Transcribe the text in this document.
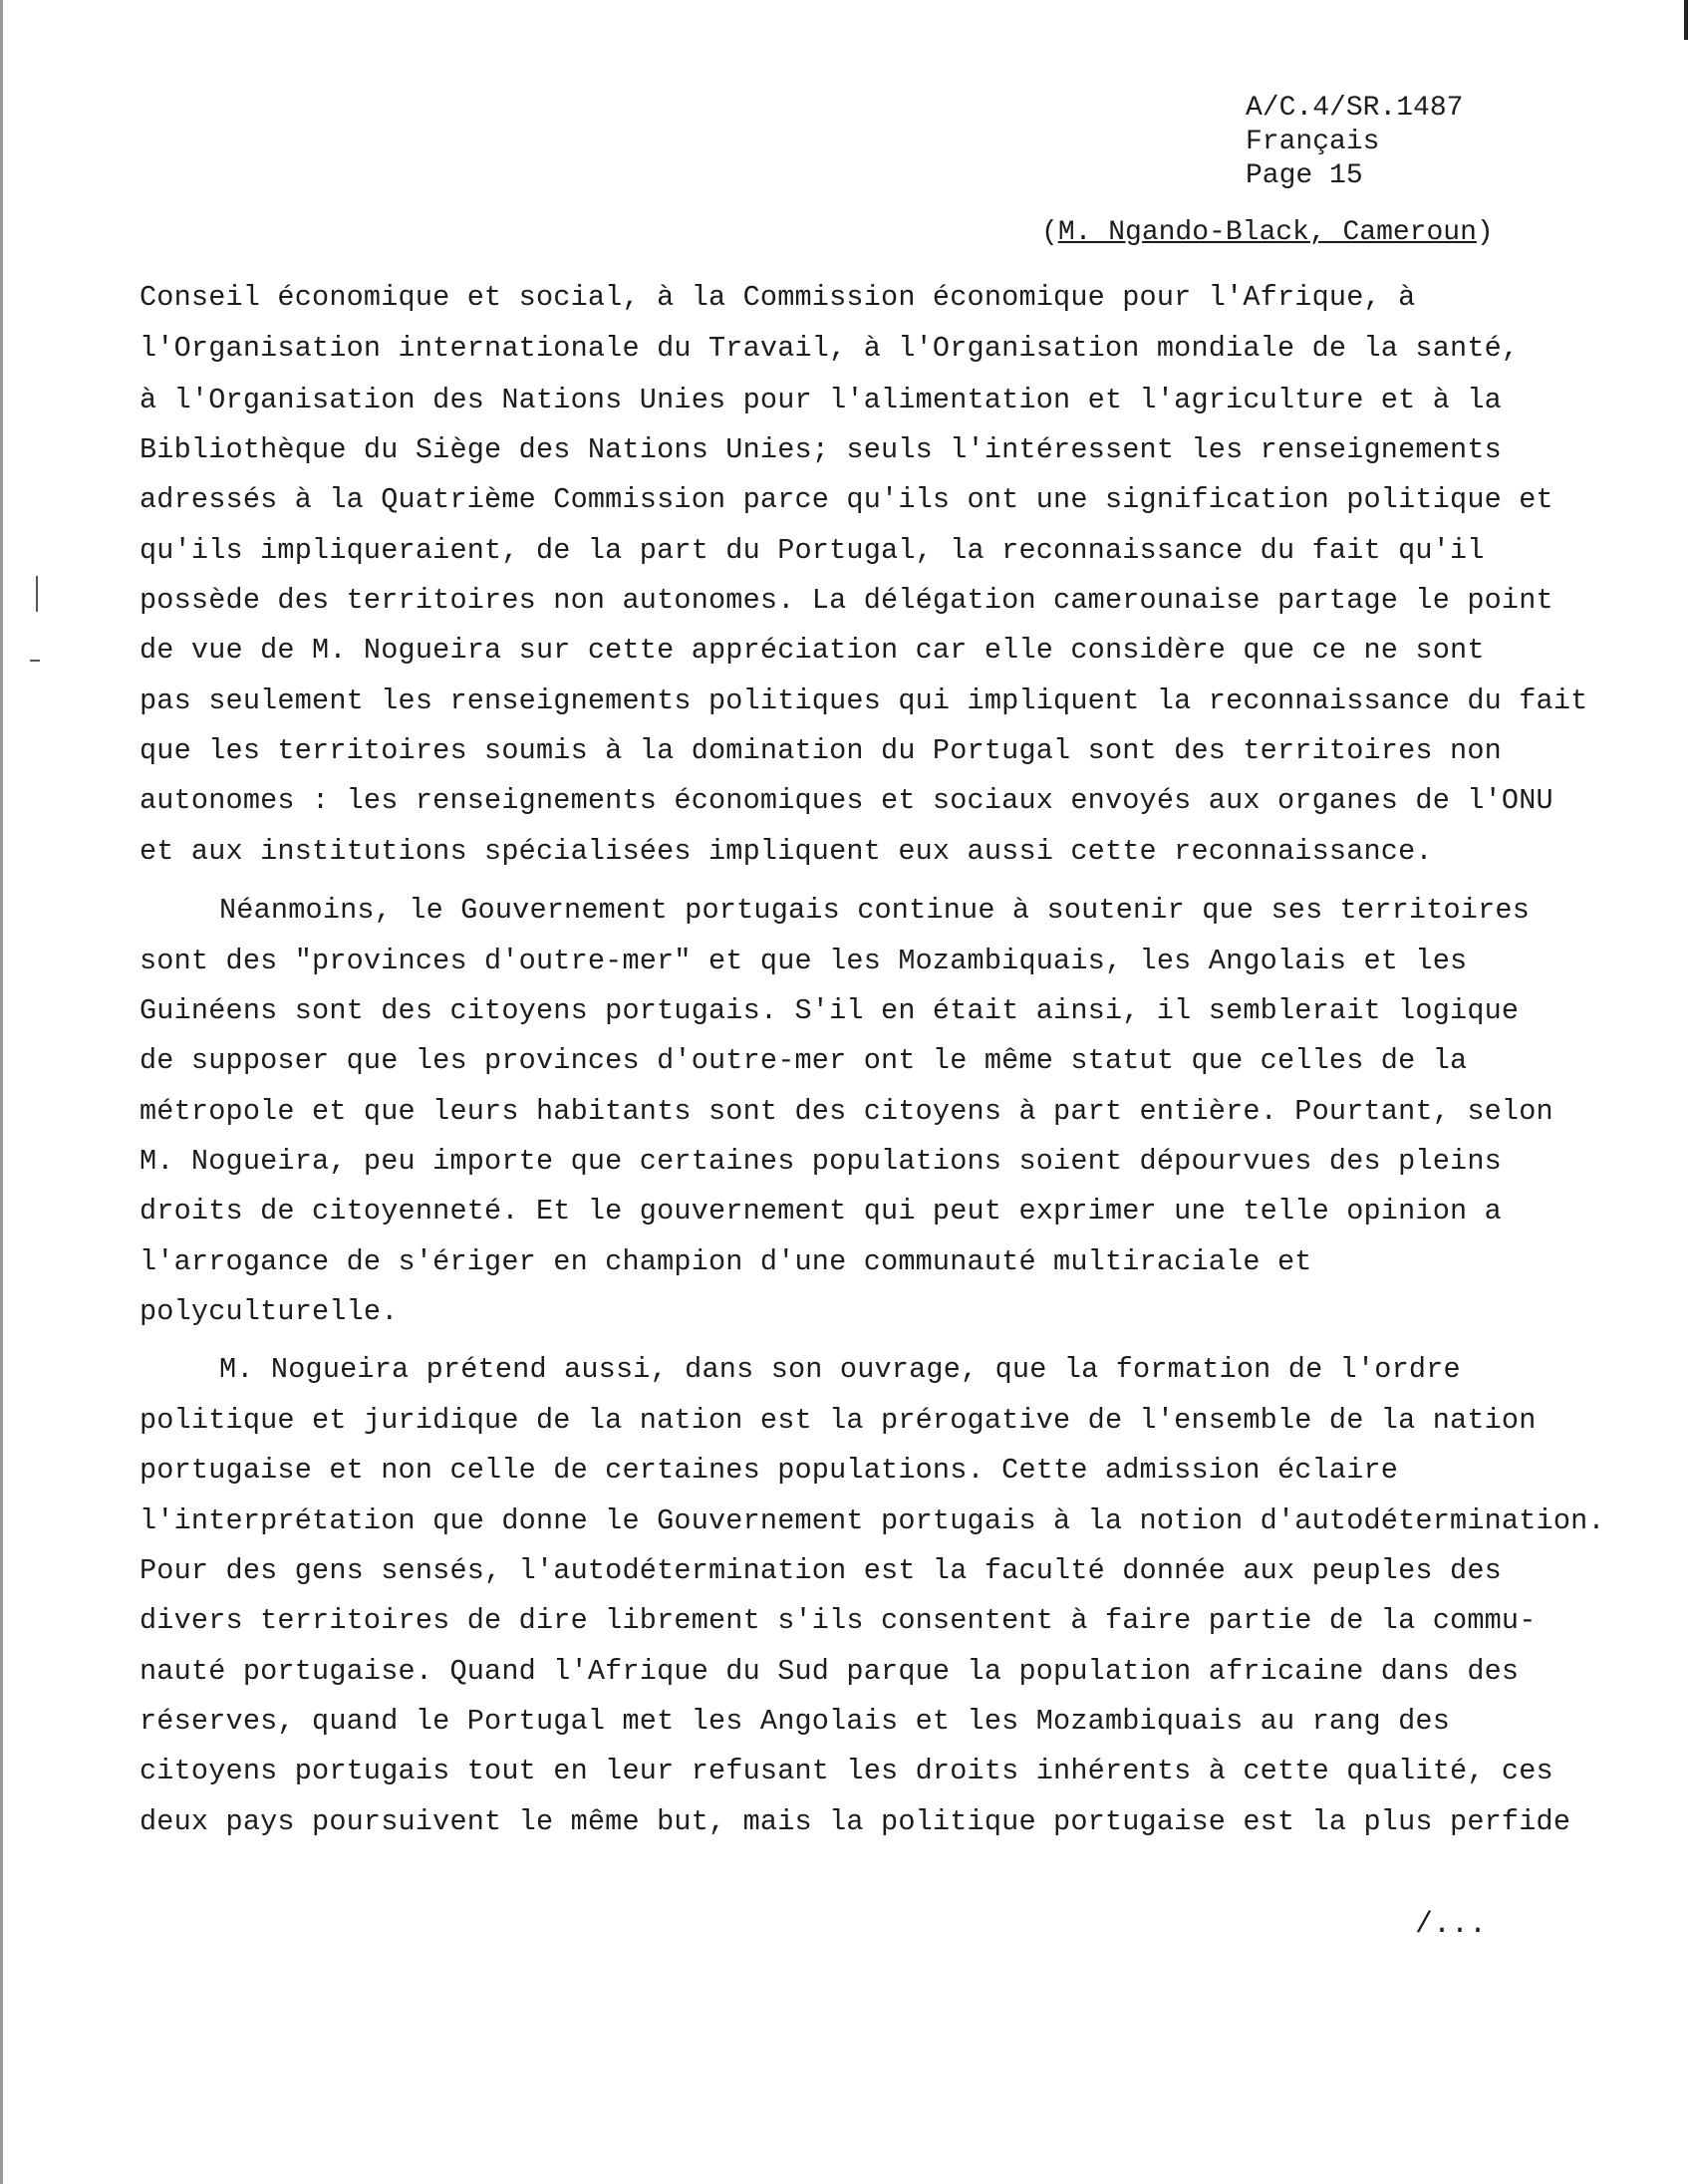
A/C.4/SR.1487
Français
Page 15
(M. Ngando-Black, Cameroun)
Conseil économique et social, à la Commission économique pour l'Afrique, à
l'Organisation internationale du Travail, à l'Organisation mondiale de la santé,
à l'Organisation des Nations Unies pour l'alimentation et l'agriculture et à la
Bibliothèque du Siège des Nations Unies; seuls l'intéressent les renseignements
adressés à la Quatrième Commission parce qu'ils ont une signification politique et
qu'ils impliqueraient, de la part du Portugal, la reconnaissance du fait qu'il
possède des territoires non autonomes. La délégation camerounaise partage le point
de vue de M. Nogueira sur cette appréciation car elle considère que ce ne sont
pas seulement les renseignements politiques qui impliquent la reconnaissance du fait
que les territoires soumis à la domination du Portugal sont des territoires non
autonomes : les renseignements économiques et sociaux envoyés aux organes de l'ONU
et aux institutions spécialisées impliquent eux aussi cette reconnaissance.
Néanmoins, le Gouvernement portugais continue à soutenir que ses territoires
sont des "provinces d'outre-mer" et que les Mozambiquais, les Angolais et les
Guinéens sont des citoyens portugais. S'il en était ainsi, il semblerait logique
de supposer que les provinces d'outre-mer ont le même statut que celles de la
métropole et que leurs habitants sont des citoyens à part entière. Pourtant, selon
M. Nogueira, peu importe que certaines populations soient dépourvues des pleins
droits de citoyenneté. Et le gouvernement qui peut exprimer une telle opinion a
l'arrogance de s'ériger en champion d'une communauté multiraciale et
polyculturelle.
M. Nogueira prétend aussi, dans son ouvrage, que la formation de l'ordre
politique et juridique de la nation est la prérogative de l'ensemble de la nation
portugaise et non celle de certaines populations. Cette admission éclaire
l'interprétation que donne le Gouvernement portugais à la notion d'autodétermination.
Pour des gens sensés, l'autodétermination est la faculté donnée aux peuples des
divers territoires de dire librement s'ils consentent à faire partie de la commu-
nauté portugaise. Quand l'Afrique du Sud parque la population africaine dans des
réserves, quand le Portugal met les Angolais et les Mozambiquais au rang des
citoyens portugais tout en leur refusant les droits inhérents à cette qualité, ces
deux pays poursuivent le même but, mais la politique portugaise est la plus perfide
/...
